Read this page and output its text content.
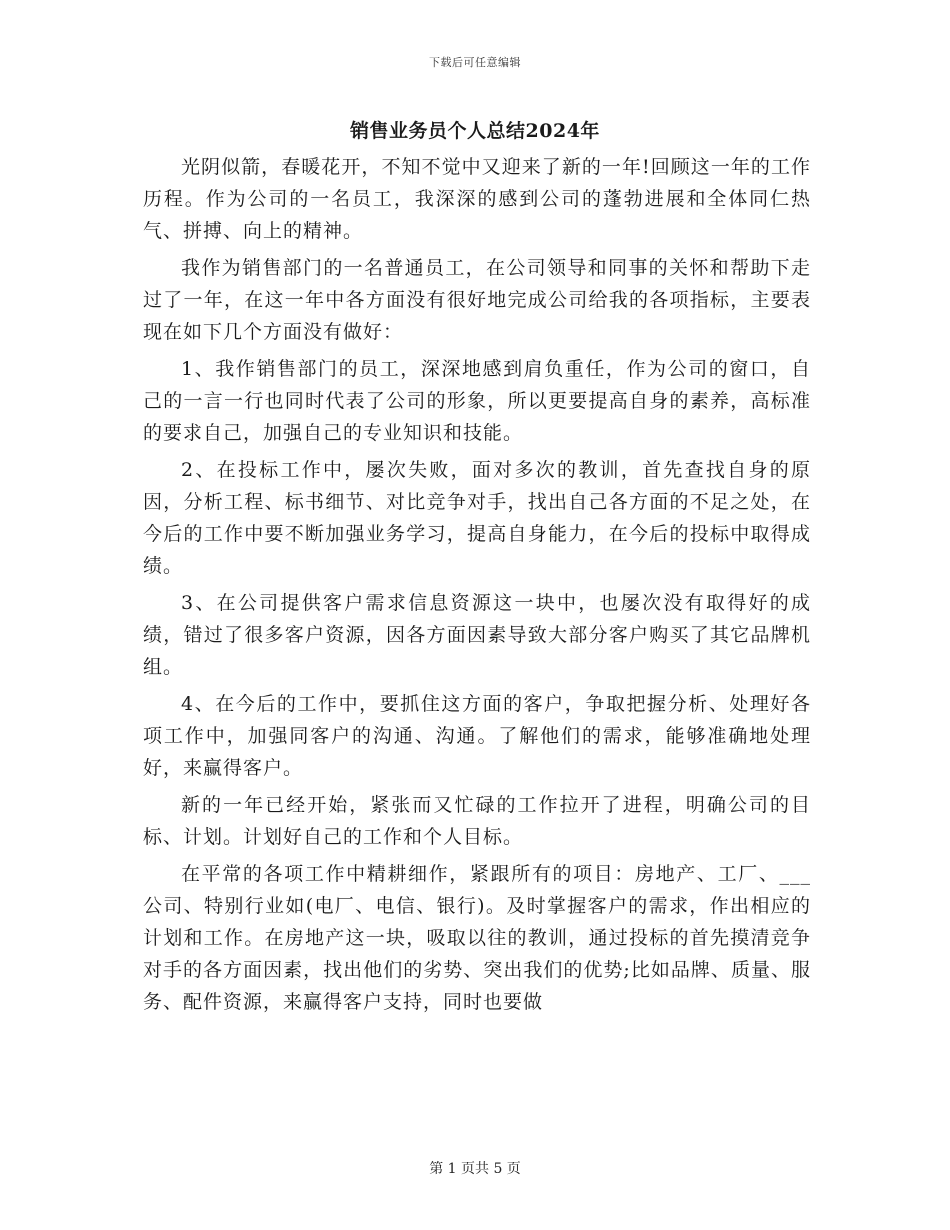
下载后可任意编辑
销售业务员个人总结2024年

光阴似箭，春暖花开，不知不觉中又迎来了新的一年!回顾这一年的工作历程。作为公司的一名员工，我深深的感到公司的蓬勃进展和全体同仁热气、拼搏、向上的精神。

我作为销售部门的一名普通员工，在公司领导和同事的关怀和帮助下走过了一年，在这一年中各方面没有很好地完成公司给我的各项指标，主要表现在如下几个方面没有做好：

1、我作销售部门的员工，深深地感到肩负重任，作为公司的窗口，自己的一言一行也同时代表了公司的形象，所以更要提高自身的素养，高标准的要求自己，加强自己的专业知识和技能。

2、在投标工作中，屡次失败，面对多次的教训，首先查找自身的原因，分析工程、标书细节、对比竞争对手，找出自己各方面的不足之处，在今后的工作中要不断加强业务学习，提高自身能力，在今后的投标中取得成绩。

3、在公司提供客户需求信息资源这一块中，也屡次没有取得好的成绩，错过了很多客户资源，因各方面因素导致大部分客户购买了其它品牌机组。

4、在今后的工作中，要抓住这方面的客户，争取把握分析、处理好各项工作中，加强同客户的沟通、沟通。了解他们的需求，能够准确地处理好，来赢得客户。

新的一年已经开始，紧张而又忙碌的工作拉开了进程，明确公司的目标、计划。计划好自己的工作和个人目标。

在平常的各项工作中精耕细作，紧跟所有的项目：房地产、工厂、___公司、特别行业如(电厂、电信、银行)。及时掌握客户的需求，作出相应的计划和工作。在房地产这一块，吸取以往的教训，通过投标的首先摸清竞争对手的各方面因素，找出他们的劣势、突出我们的优势;比如品牌、质量、服务、配件资源，来赢得客户支持，同时也要做

第 1 页共 5 页
